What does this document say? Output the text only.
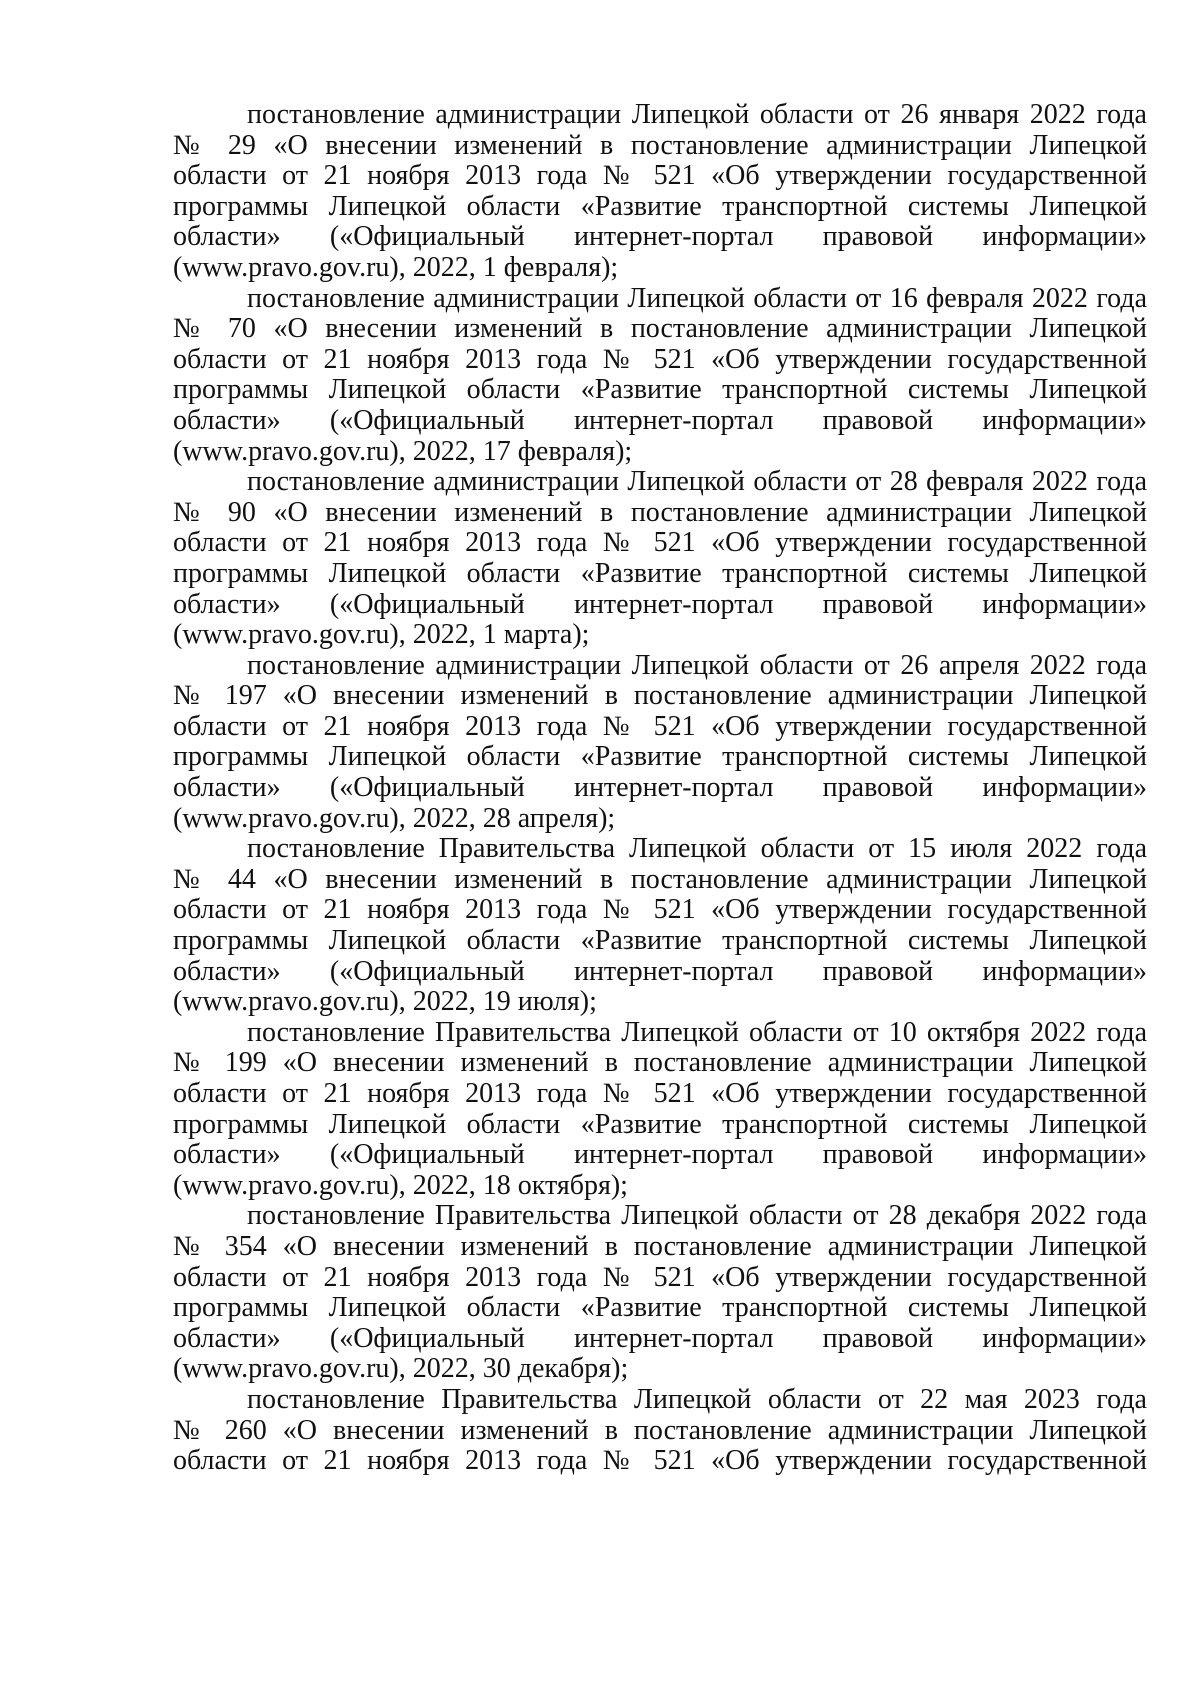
постановление администрации Липецкой области от 26 января 2022 года
№ 29 «О внесении изменений в постановление администрации Липецкой
области от 21 ноября 2013 года № 521 «Об утверждении государственной
программы Липецкой области «Развитие транспортной системы Липецкой
области» («Официальный интернет-портал правовой информации»
(www.pravo.gov.ru), 2022, 1 февраля);

постановление администрации Липецкой области от 16 февраля 2022 года
№ 70 «О внесении изменений в постановление администрации Липецкой
области от 21 ноября 2013 года № 521 «Об утверждении государственной
программы Липецкой области «Развитие транспортной системы Липецкой
области» («Официальный интернет-портал правовой информации»
(www.pravo.gov.ru), 2022, 17 февраля);

постановление администрации Липецкой области от 28 февраля 2022 года
№ 90 «О внесении изменений в постановление администрации Липецкой
области от 21 ноября 2013 года № 521 «Об утверждении государственной
программы Липецкой области «Развитие транспортной системы Липецкой
области» («Официальный интернет-портал правовой информации»
(www.pravo.gov.ru), 2022, 1 марта);

постановление администрации Липецкой области от 26 апреля 2022 года
№ 197 «О внесении изменений в постановление администрации Липецкой
области от 21 ноября 2013 года № 521 «Об утверждении государственной
программы Липецкой области «Развитие транспортной системы Липецкой
области» («Официальный интернет-портал правовой информации»
(www.pravo.gov.ru), 2022, 28 апреля);

постановление Правительства Липецкой области от 15 июля 2022 года
№ 44 «О внесении изменений в постановление администрации Липецкой
области от 21 ноября 2013 года № 521 «Об утверждении государственной
программы Липецкой области «Развитие транспортной системы Липецкой
области» («Официальный интернет-портал правовой информации»
(www.pravo.gov.ru), 2022, 19 июля);

постановление Правительства Липецкой области от 10 октября 2022 года
№ 199 «О внесении изменений в постановление администрации Липецкой
области от 21 ноября 2013 года № 521 «Об утверждении государственной
программы Липецкой области «Развитие транспортной системы Липецкой
области» («Официальный интернет-портал правовой информации»
(www.pravo.gov.ru), 2022, 18 октября);

постановление Правительства Липецкой области от 28 декабря 2022 года
№ 354 «О внесении изменений в постановление администрации Липецкой
области от 21 ноября 2013 года № 521 «Об утверждении государственной
программы Липецкой области «Развитие транспортной системы Липецкой
области» («Официальный интернет-портал правовой информации»
(www.pravo.gov.ru), 2022, 30 декабря);

постановление Правительства Липецкой области от 22 мая 2023 года
№ 260 «О внесении изменений в постановление администрации Липецкой
области от 21 ноября 2013 года № 521 «Об утверждении государственной
